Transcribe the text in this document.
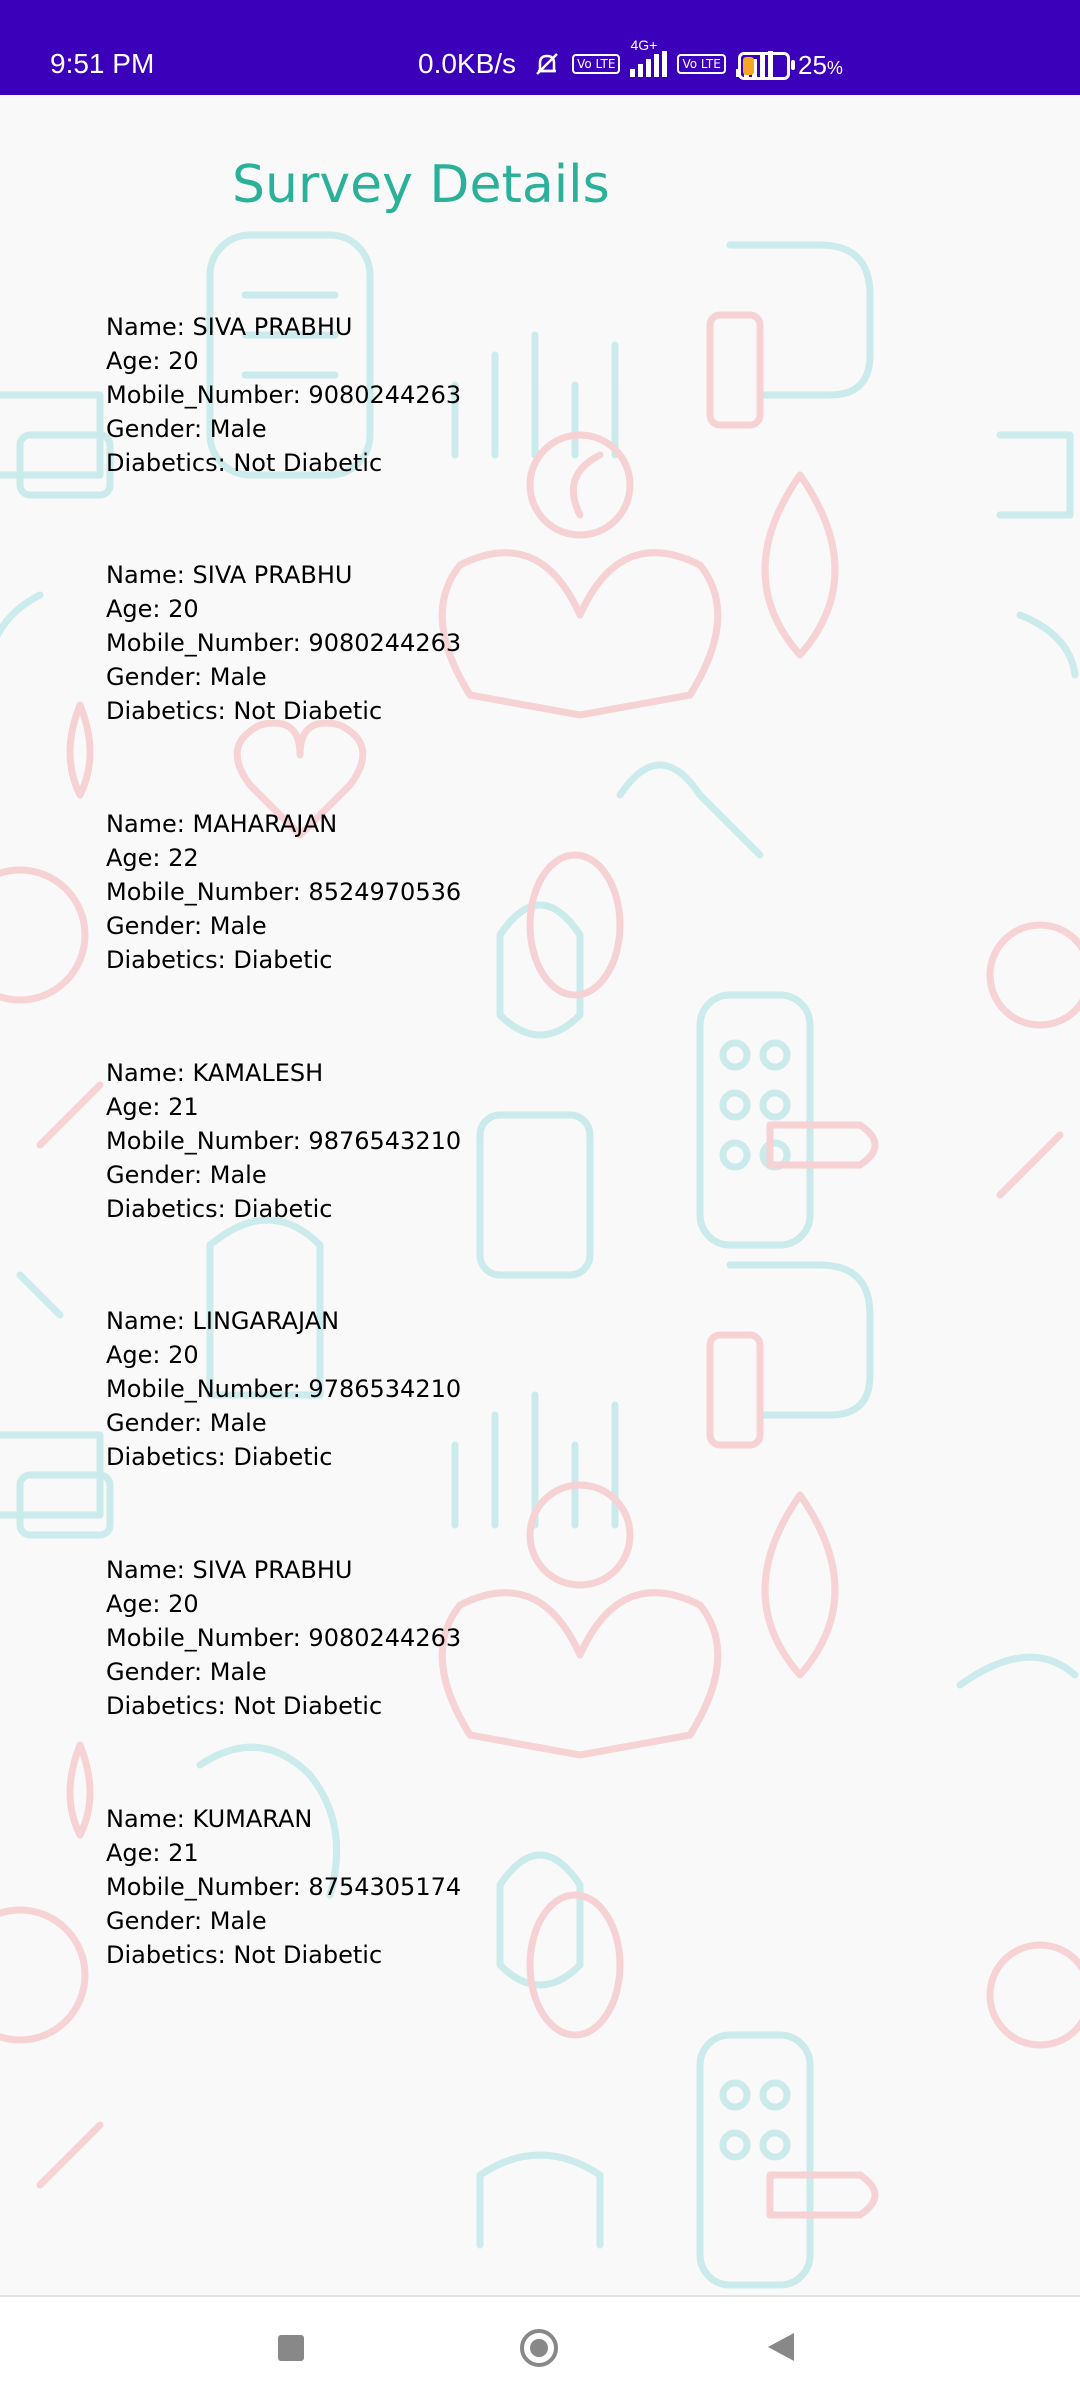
9:51 PM	0.0KB/s	Vo LTE
4G+
Vo LTE	25%
Survey Details
Name: SIVA PRABHU
Age: 20
Mobile_Number: 9080244263
Gender: Male
Diabetics: Not Diabetic
Name: SIVA PRABHU
Age: 20
Mobile_Number: 9080244263
Gender: Male
Diabetics: Not Diabetic
Name: MAHARAJAN
Age: 22
Mobile_Number: 8524970536
Gender: Male
Diabetics: Diabetic
Name: KAMALESH
Age: 21
Mobile_Number: 9876543210
Gender: Male
Diabetics: Diabetic
Name: LINGARAJAN
Age: 20
Mobile_Number: 9786534210
Gender: Male
Diabetics: Diabetic
Name: SIVA PRABHU
Age: 20
Mobile_Number: 9080244263
Gender: Male
Diabetics: Not Diabetic
Name: KUMARAN
Age: 21
Mobile_Number: 8754305174
Gender: Male
Diabetics: Not Diabetic
